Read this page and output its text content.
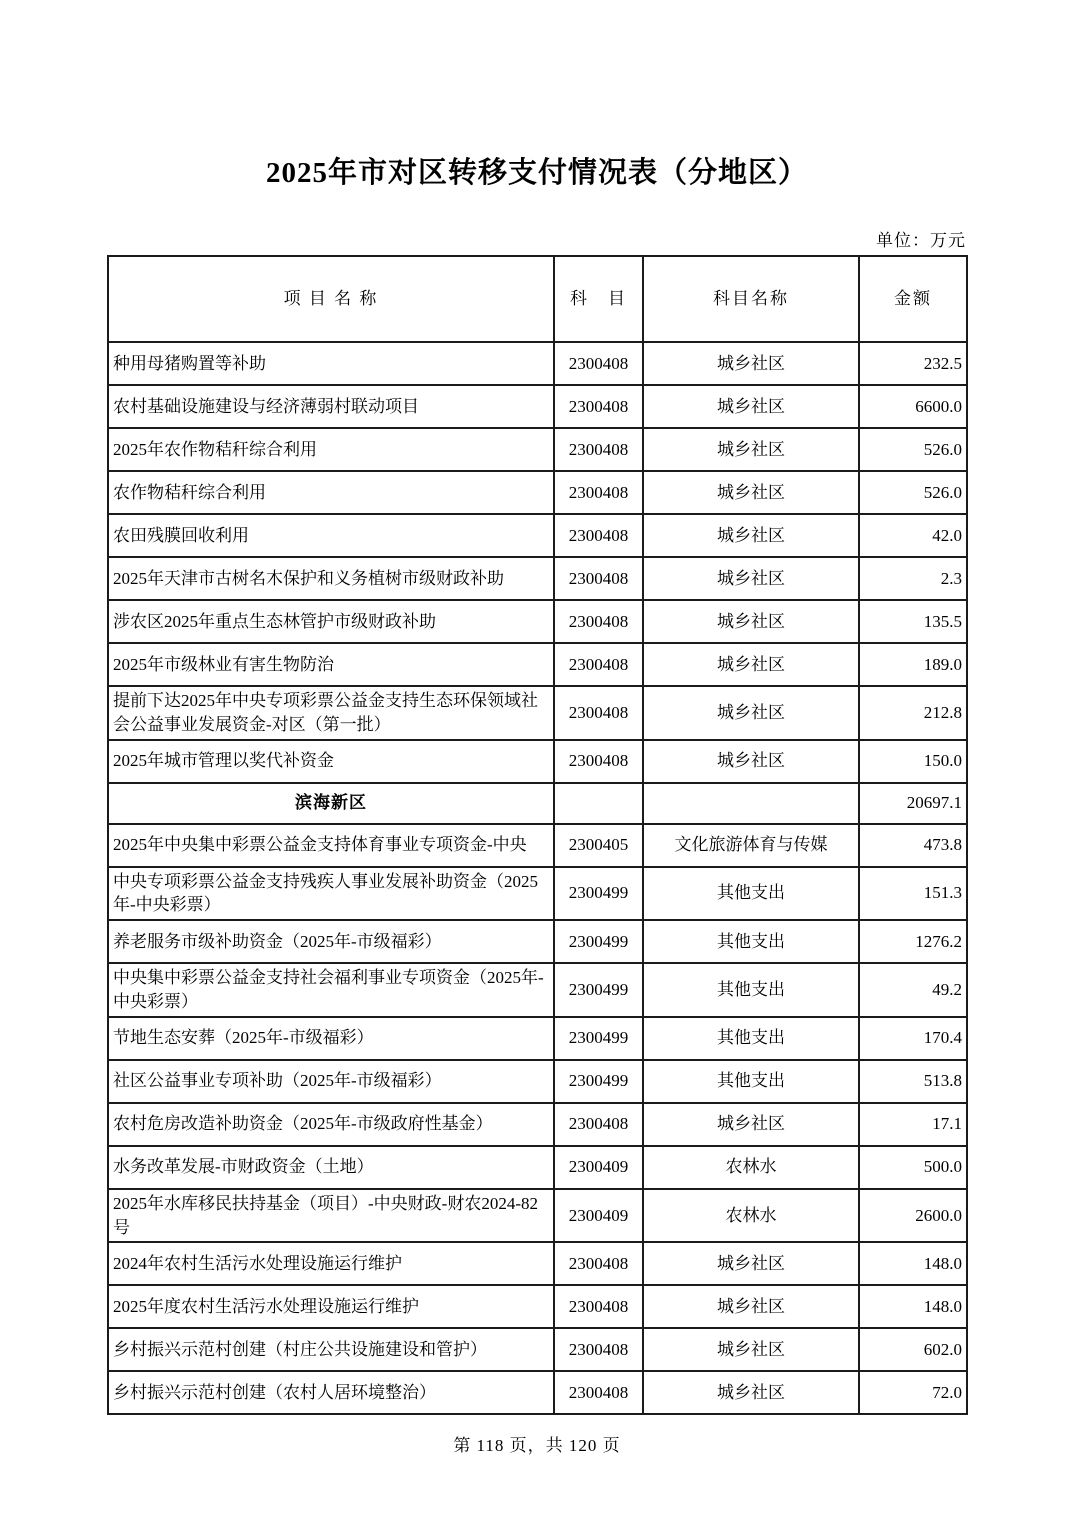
2025年市对区转移支付情况表（分地区）
单位：万元
项 目 名 称	科　目	科目名称	金额
种用母猪购置等补助	2300408	城乡社区	232.5
农村基础设施建设与经济薄弱村联动项目	2300408	城乡社区	6600.0
2025年农作物秸秆综合利用	2300408	城乡社区	526.0
农作物秸秆综合利用	2300408	城乡社区	526.0
农田残膜回收利用	2300408	城乡社区	42.0
2025年天津市古树名木保护和义务植树市级财政补助	2300408	城乡社区	2.3
涉农区2025年重点生态林管护市级财政补助	2300408	城乡社区	135.5
2025年市级林业有害生物防治	2300408	城乡社区	189.0
提前下达2025年中央专项彩票公益金支持生态环保领域社会公益事业发展资金-对区（第一批）	2300408	城乡社区	212.8
2025年城市管理以奖代补资金	2300408	城乡社区	150.0
滨海新区			20697.1
2025年中央集中彩票公益金支持体育事业专项资金-中央	2300405	文化旅游体育与传媒	473.8
中央专项彩票公益金支持残疾人事业发展补助资金（2025年-中央彩票）	2300499	其他支出	151.3
养老服务市级补助资金（2025年-市级福彩）	2300499	其他支出	1276.2
中央集中彩票公益金支持社会福利事业专项资金（2025年-中央彩票）	2300499	其他支出	49.2
节地生态安葬（2025年-市级福彩）	2300499	其他支出	170.4
社区公益事业专项补助（2025年-市级福彩）	2300499	其他支出	513.8
农村危房改造补助资金（2025年-市级政府性基金）	2300408	城乡社区	17.1
水务改革发展-市财政资金（土地）	2300409	农林水	500.0
2025年水库移民扶持基金（项目）-中央财政-财农2024-82号	2300409	农林水	2600.0
2024年农村生活污水处理设施运行维护	2300408	城乡社区	148.0
2025年度农村生活污水处理设施运行维护	2300408	城乡社区	148.0
乡村振兴示范村创建（村庄公共设施建设和管护）	2300408	城乡社区	602.0
乡村振兴示范村创建（农村人居环境整治）	2300408	城乡社区	72.0
第 118 页，共 120 页
